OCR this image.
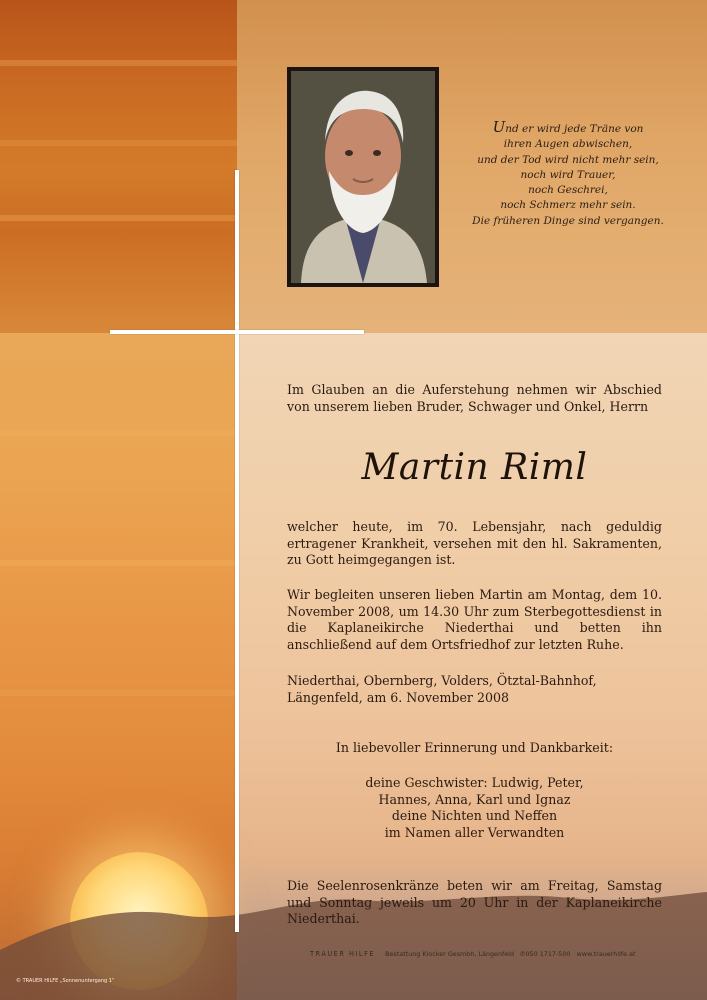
Und er wird jede Träne von
ihren Augen abwischen,
und der Tod wird nicht mehr sein,
noch wird Trauer,
noch Geschrei,
noch Schmerz mehr sein.
Die früheren Dinge sind vergangen.
Im Glauben an die Auferstehung nehmen wir Abschied von unserem lieben Bruder, Schwager und Onkel, Herrn
Martin Riml
welcher heute, im 70. Lebensjahr, nach geduldig ertragener Krankheit, versehen mit den hl. Sakramenten, zu Gott heimgegangen ist.
Wir begleiten unseren lieben Martin am Montag, dem 10. November 2008, um 14.30 Uhr zum Sterbegottesdienst in die Kaplaneikirche Niederthai und betten ihn anschließend auf dem Ortsfriedhof zur letzten Ruhe.
Niederthai, Obernberg, Volders, Ötztal-Bahnhof,
Längenfeld, am 6. November 2008
In liebevoller Erinnerung und Dankbarkeit:
deine Geschwister: Ludwig, Peter,
Hannes, Anna, Karl und Ignaz
deine Nichten und Neffen
im Namen aller Verwandten
Die Seelenrosenkränze beten wir am Freitag, Samstag und Sonntag jeweils um 20 Uhr in der Kaplaneikirche Niederthai.
TRAUER HILFE Bestattung Klocker Gesmbh, Längenfeld ✆050 1717-500 www.trauerhilfe.at
© TRAUER HILFE „Sonnenuntergang 1“
